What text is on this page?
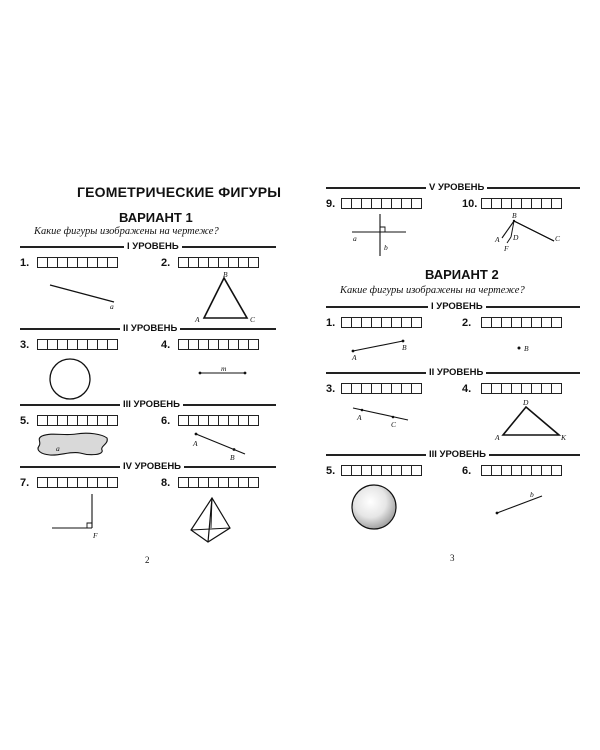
ГЕОМЕТРИЧЕСКИЕ ФИГУРЫ
ВАРИАНТ 1
Какие фигуры изображены на чертеже?
I УРОВЕНЬ
1.	2.
a
B
A	C
II УРОВЕНЬ
3.	4.
m
III УРОВЕНЬ
5.	6.
a
A
B
IV УРОВЕНЬ
7.	8.
F
2
V УРОВЕНЬ
9.	10.
a
b
B
A D
F
C
ВАРИАНТ 2
Какие фигуры изображены на чертеже?
I УРОВЕНЬ
1.	2.
A
B	B
II УРОВЕНЬ
3.	4.
A
C
D
A	K
III УРОВЕНЬ
5.	6.
b
3
